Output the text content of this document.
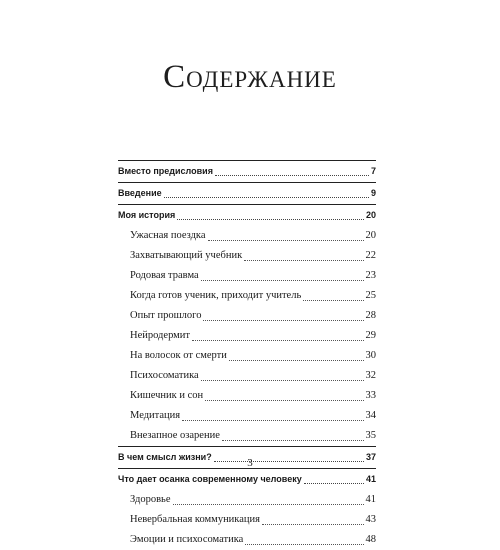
Содержание
Вместо предисловия	7
Введение	9
Моя история	20
Ужасная поездка	20
Захватывающий учебник	22
Родовая травма	23
Когда готов ученик, приходит учитель	25
Опыт прошлого	28
Нейродермит	29
На волосок от смерти	30
Психосоматика	32
Кишечник и сон	33
Медитация	34
Внезапное озарение	35
В чем смысл жизни?	37
Что дает осанка современному человеку	41
Здоровье	41
Невербальная коммуникация	43
Эмоции и психосоматика	48
3
